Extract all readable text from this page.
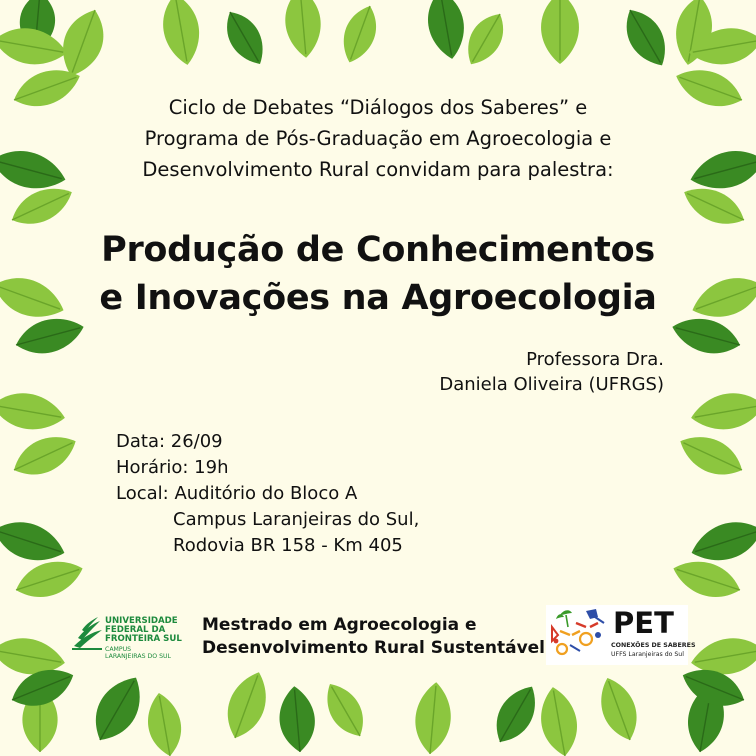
Ciclo de Debates “Diálogos dos Saberes” e
Programa de Pós-Graduação em Agroecologia e
Desenvolvimento Rural convidam para palestra:
Produção de Conhecimentos
e Inovações na Agroecologia
Professora Dra.
Daniela Oliveira (UFRGS)
Data: 26/09
Horário: 19h
Local: Auditório do Bloco A
Campus Laranjeiras do Sul,
Rodovia BR 158 - Km 405
UNIVERSIDADE
FEDERAL DA
FRONTEIRA SUL
CAMPUS
LARANJEIRAS DO SUL
Mestrado em Agroecologia e
Desenvolvimento Rural Sustentável
PET
CONEXÕES DE SABERES
UFFS Laranjeiras do Sul
